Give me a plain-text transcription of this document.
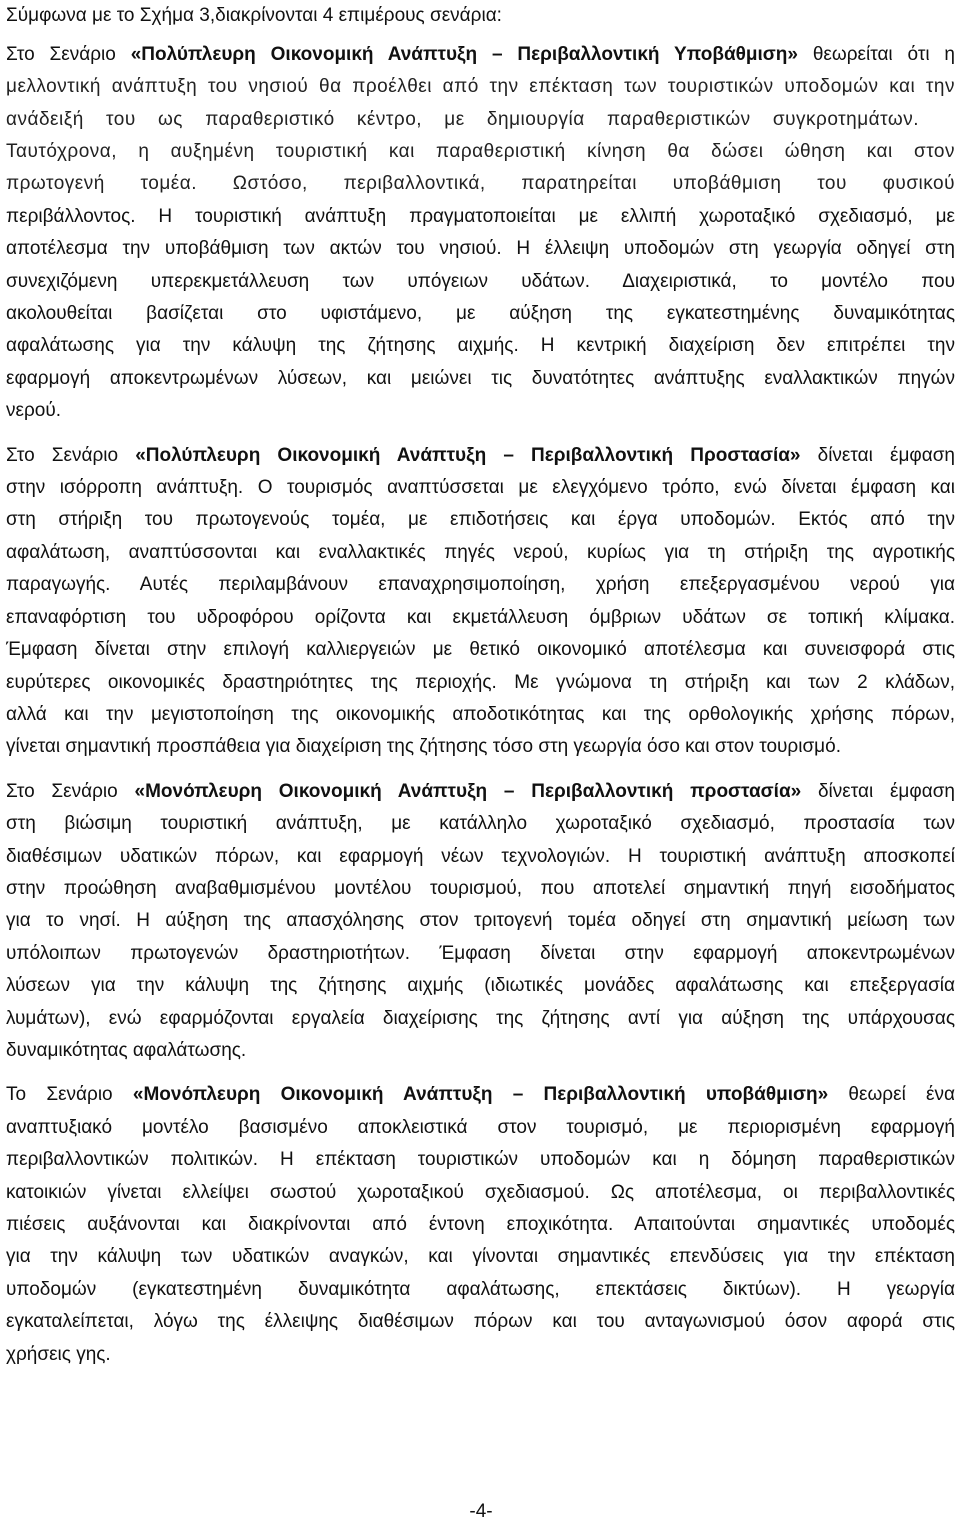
Σύμφωνα με το Σχήμα 3,διακρίνονται 4 επιμέρους σενάρια:
Στο Σενάριο «Πολύπλευρη Οικονομική Ανάπτυξη – Περιβαλλοντική Υποβάθμιση» θεωρείται ότι η
μελλοντική ανάπτυξη του νησιού θα προέλθει από την επέκταση των τουριστικών υποδομών και την
ανάδειξή του ως παραθεριστικό κέντρο, με δημιουργία παραθεριστικών συγκροτημάτων.
Ταυτόχρονα, η αυξημένη τουριστική και παραθεριστική κίνηση θα δώσει ώθηση και στον
πρωτογενή τομέα. Ωστόσο, περιβαλλοντικά, παρατηρείται υποβάθμιση του φυσικού
περιβάλλοντος. Η τουριστική ανάπτυξη πραγματοποιείται με ελλιπή χωροταξικό σχεδιασμό, με
αποτέλεσμα την υποβάθμιση των ακτών του νησιού. Η έλλειψη υποδομών στη γεωργία οδηγεί στη
συνεχιζόμενη υπερεκμετάλλευση των υπόγειων υδάτων. Διαχειριστικά, το μοντέλο που
ακολουθείται βασίζεται στο υφιστάμενο, με αύξηση της εγκατεστημένης δυναμικότητας
αφαλάτωσης για την κάλυψη της ζήτησης αιχμής. Η κεντρική διαχείριση δεν επιτρέπει την
εφαρμογή αποκεντρωμένων λύσεων, και μειώνει τις δυνατότητες ανάπτυξης εναλλακτικών πηγών
νερού.
Στο Σενάριο «Πολύπλευρη Οικονομική Ανάπτυξη – Περιβαλλοντική Προστασία» δίνεται έμφαση
στην ισόρροπη ανάπτυξη. Ο τουρισμός αναπτύσσεται με ελεγχόμενο τρόπο, ενώ δίνεται έμφαση και
στη στήριξη του πρωτογενούς τομέα, με επιδοτήσεις και έργα υποδομών. Εκτός από την
αφαλάτωση, αναπτύσσονται και εναλλακτικές πηγές νερού, κυρίως για τη στήριξη της αγροτικής
παραγωγής. Αυτές περιλαμβάνουν επαναχρησιμοποίηση, χρήση επεξεργασμένου νερού για
επαναφόρτιση του υδροφόρου ορίζοντα και εκμετάλλευση όμβριων υδάτων σε τοπική κλίμακα.
Έμφαση δίνεται στην επιλογή καλλιεργειών με θετικό οικονομικό αποτέλεσμα και συνεισφορά στις
ευρύτερες οικονομικές δραστηριότητες της περιοχής. Με γνώμονα τη στήριξη και των 2 κλάδων,
αλλά και την μεγιστοποίηση της οικονομικής αποδοτικότητας και της ορθολογικής χρήσης πόρων,
γίνεται σημαντική προσπάθεια για διαχείριση της ζήτησης τόσο στη γεωργία όσο και στον τουρισμό.
Στο Σενάριο «Μονόπλευρη Οικονομική Ανάπτυξη – Περιβαλλοντική προστασία» δίνεται έμφαση
στη βιώσιμη τουριστική ανάπτυξη, με κατάλληλο χωροταξικό σχεδιασμό, προστασία των
διαθέσιμων υδατικών πόρων, και εφαρμογή νέων τεχνολογιών. Η τουριστική ανάπτυξη αποσκοπεί
στην προώθηση αναβαθμισμένου μοντέλου τουρισμού, που αποτελεί σημαντική πηγή εισοδήματος
για το νησί. Η αύξηση της απασχόλησης στον τριτογενή τομέα οδηγεί στη σημαντική μείωση των
υπόλοιπων πρωτογενών δραστηριοτήτων. Έμφαση δίνεται στην εφαρμογή αποκεντρωμένων
λύσεων για την κάλυψη της ζήτησης αιχμής (ιδιωτικές μονάδες αφαλάτωσης και επεξεργασία
λυμάτων), ενώ εφαρμόζονται εργαλεία διαχείρισης της ζήτησης αντί για αύξηση της υπάρχουσας
δυναμικότητας αφαλάτωσης.
Το Σενάριο «Μονόπλευρη Οικονομική Ανάπτυξη – Περιβαλλοντική υποβάθμιση» θεωρεί ένα
αναπτυξιακό μοντέλο βασισμένο αποκλειστικά στον τουρισμό, με περιορισμένη εφαρμογή
περιβαλλοντικών πολιτικών. Η επέκταση τουριστικών υποδομών και η δόμηση παραθεριστικών
κατοικιών γίνεται ελλείψει σωστού χωροταξικού σχεδιασμού. Ως αποτέλεσμα, οι περιβαλλοντικές
πιέσεις αυξάνονται και διακρίνονται από έντονη εποχικότητα. Απαιτούνται σημαντικές υποδομές
για την κάλυψη των υδατικών αναγκών, και γίνονται σημαντικές επενδύσεις για την επέκταση
υποδομών (εγκατεστημένη δυναμικότητα αφαλάτωσης, επεκτάσεις δικτύων). Η γεωργία
εγκαταλείπεται, λόγω της έλλειψης διαθέσιμων πόρων και του ανταγωνισμού όσον αφορά στις
χρήσεις γης.
-4-
